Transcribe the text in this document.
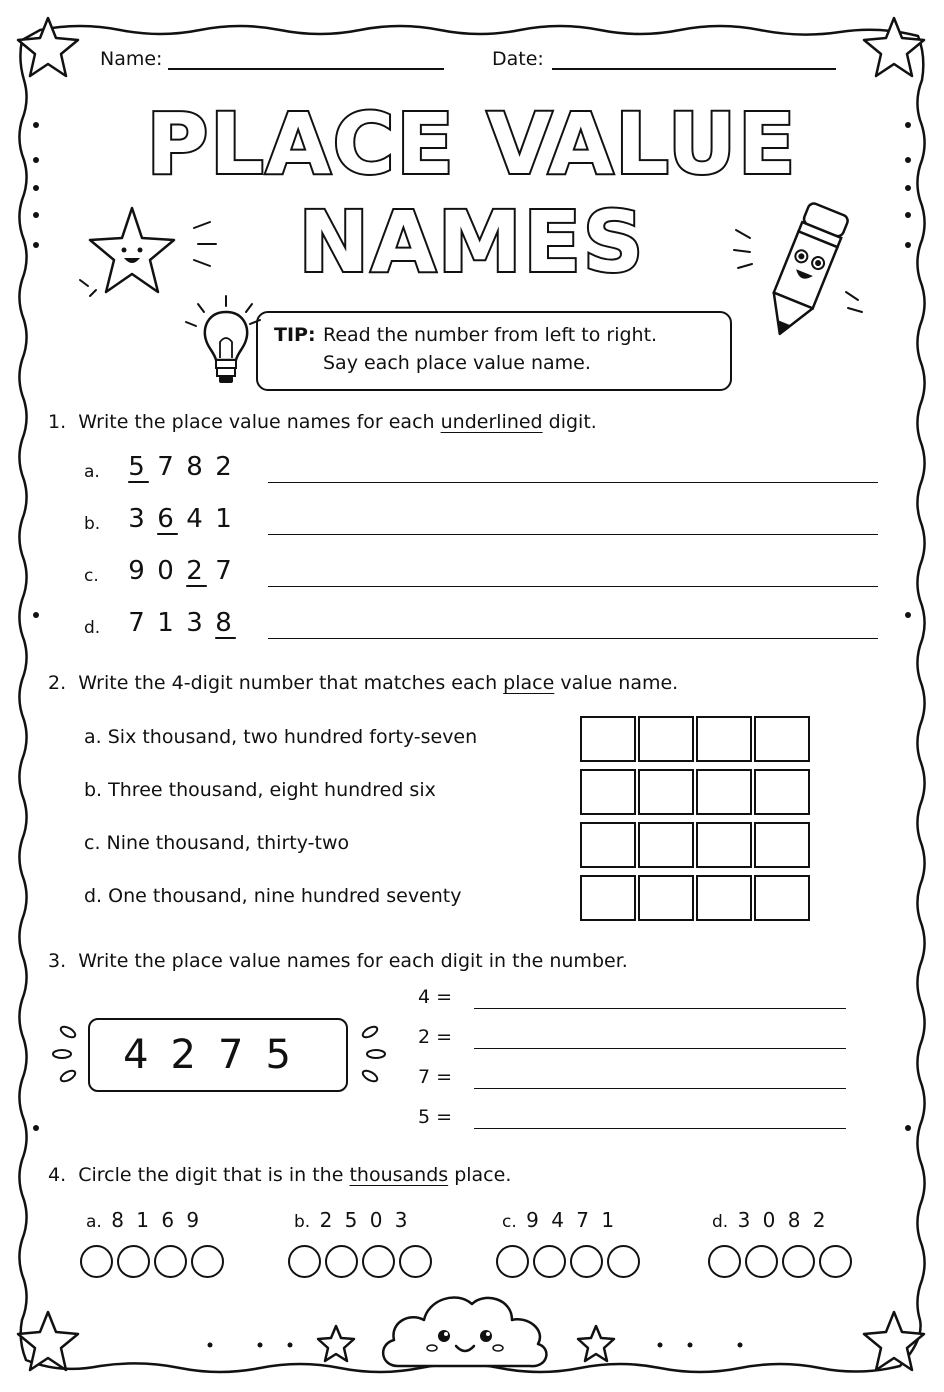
Name:	Date:
PLACE VALUE
NAMES
TIP: Read the number from left to right.
Say each place value name.
1. Write the place value names for each underlined digit.
a. 5 7 8 2
b. 3 6 4 1
c. 9 0 2 7
d. 7 1 3 8
2. Write the 4-digit number that matches each place value name.
a. Six thousand, two hundred forty-seven
b. Three thousand, eight hundred six
c. Nine thousand, thirty-two
d. One thousand, nine hundred seventy
3. Write the place value names for each digit in the number.
4275
4 =
2 =
7 =
5 =
4. Circle the digit that is in the thousands place.
a. 8 1 6 9	b. 2 5 0 3	c. 9 4 7 1	d. 3 0 8 2
